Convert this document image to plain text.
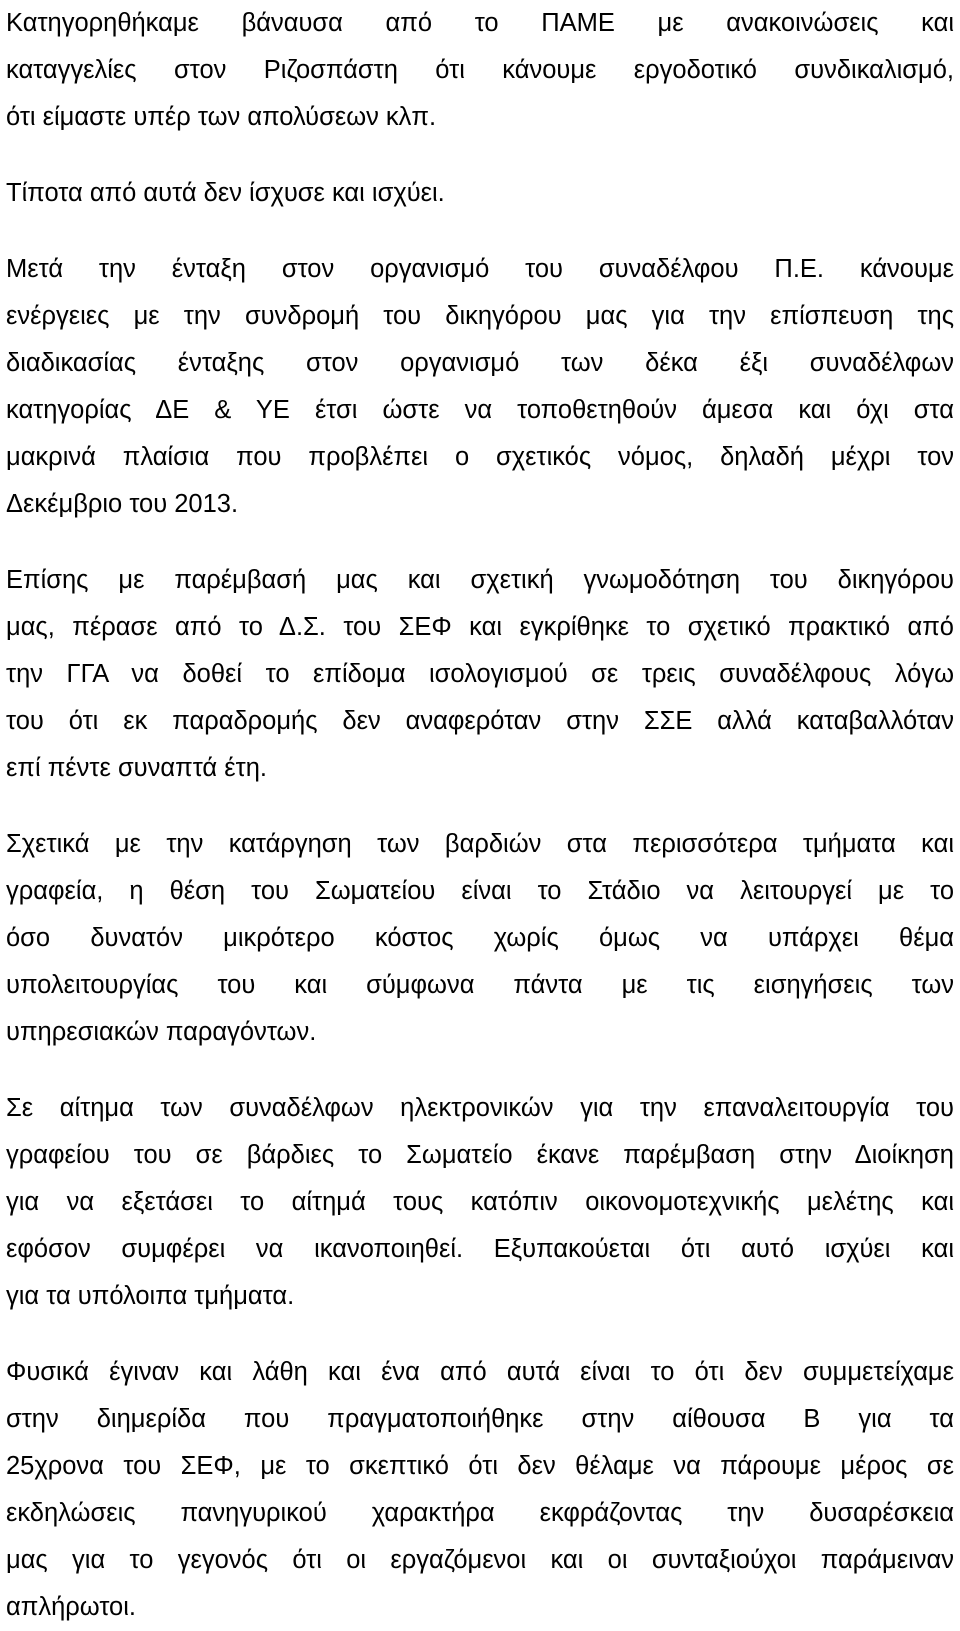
Κατηγορηθήκαμε βάναυσα από το ΠΑΜΕ με ανακοινώσεις και
καταγγελίες στον Ριζοσπάστη ότι κάνουμε εργοδοτικό συνδικαλισμό,
ότι είμαστε υπέρ των απολύσεων κλπ.
Τίποτα από αυτά δεν ίσχυσε και ισχύει.
Μετά την ένταξη στον οργανισμό του συναδέλφου Π.Ε. κάνουμε
ενέργειες με την συνδρομή του δικηγόρου μας για την επίσπευση της
διαδικασίας ένταξης στον οργανισμό των δέκα έξι συναδέλφων
κατηγορίας ΔΕ & ΥΕ έτσι ώστε να τοποθετηθούν άμεσα και όχι στα
μακρινά πλαίσια που προβλέπει ο σχετικός νόμος, δηλαδή μέχρι τον
Δεκέμβριο του 2013.
Επίσης με παρέμβασή μας και σχετική γνωμοδότηση του δικηγόρου
μας, πέρασε από το Δ.Σ. του ΣΕΦ και εγκρίθηκε το σχετικό πρακτικό από
την ΓΓΑ να δοθεί το επίδομα ισολογισμού σε τρεις συναδέλφους λόγω
του ότι εκ παραδρομής δεν αναφερόταν στην ΣΣΕ αλλά καταβαλλόταν
επί πέντε συναπτά έτη.
Σχετικά με την κατάργηση των βαρδιών στα περισσότερα τμήματα και
γραφεία, η θέση του Σωματείου είναι το Στάδιο να λειτουργεί με το
όσο δυνατόν μικρότερο κόστος χωρίς όμως να υπάρχει θέμα
υπολειτουργίας του και σύμφωνα πάντα με τις εισηγήσεις των
υπηρεσιακών παραγόντων.
Σε αίτημα των συναδέλφων ηλεκτρονικών για την επαναλειτουργία του
γραφείου του σε βάρδιες το Σωματείο έκανε παρέμβαση στην Διοίκηση
για να εξετάσει το αίτημά τους κατόπιν οικονομοτεχνικής μελέτης και
εφόσον συμφέρει να ικανοποιηθεί. Εξυπακούεται ότι αυτό ισχύει και
για τα υπόλοιπα τμήματα.
Φυσικά έγιναν και λάθη και ένα από αυτά είναι το ότι δεν συμμετείχαμε
στην διημερίδα που πραγματοποιήθηκε στην αίθουσα Β για τα
25χρονα του ΣΕΦ, με το σκεπτικό ότι δεν θέλαμε να πάρουμε μέρος σε
εκδηλώσεις πανηγυρικού χαρακτήρα εκφράζοντας την δυσαρέσκεια
μας για το γεγονός ότι οι εργαζόμενοι και οι συνταξιούχοι παράμειναν
απλήρωτοι.
